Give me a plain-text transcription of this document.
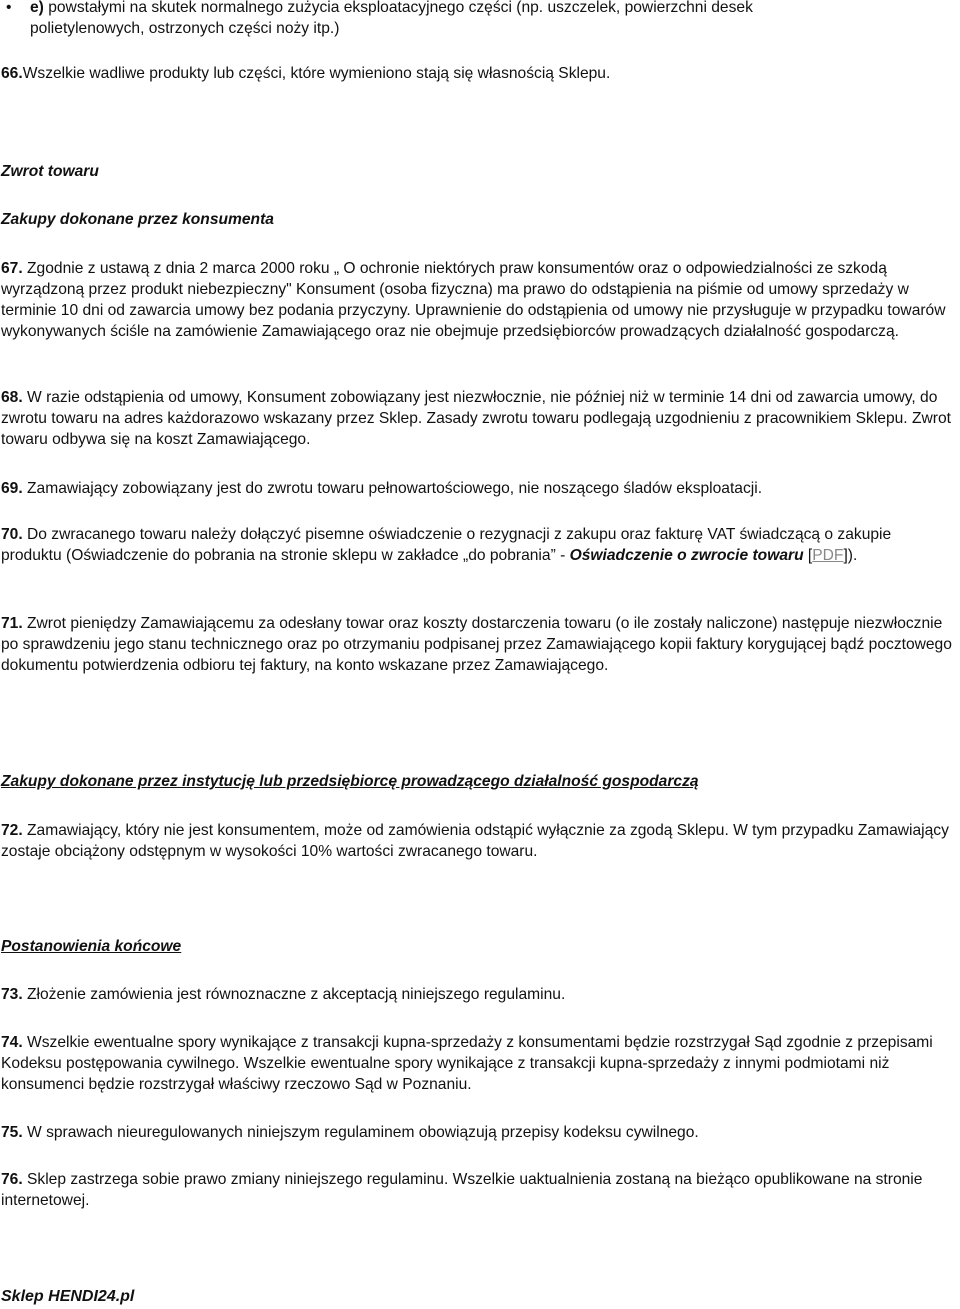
• e) powstałymi na skutek normalnego zużycia eksploatacyjnego części (np. uszczelek, powierzchni desek
polietylenowych, ostrzonych części noży itp.)

66.Wszelkie wadliwe produkty lub części, które wymieniono stają się własnością Sklepu.

Zwrot towaru

Zakupy dokonane przez konsumenta

67. Zgodnie z ustawą z dnia 2 marca 2000 roku „ O ochronie niektórych praw konsumentów oraz o odpowiedzialności ze szkodą wyrządzoną przez produkt niebezpieczny" Konsument (osoba fizyczna) ma prawo do odstąpienia na piśmie od umowy sprzedaży w terminie 10 dni od zawarcia umowy bez podania przyczyny. Uprawnienie do odstąpienia od umowy nie przysługuje w przypadku towarów wykonywanych ściśle na zamówienie Zamawiającego oraz nie obejmuje przedsiębiorców prowadzących działalność gospodarczą.

68. W razie odstąpienia od umowy, Konsument zobowiązany jest niezwłocznie, nie później niż w terminie 14 dni od zawarcia umowy, do zwrotu towaru na adres każdorazowo wskazany przez Sklep. Zasady zwrotu towaru podlegają uzgodnieniu z pracownikiem Sklepu. Zwrot towaru odbywa się na koszt Zamawiającego.

69. Zamawiający zobowiązany jest do zwrotu towaru pełnowartościowego, nie noszącego śladów eksploatacji.

70. Do zwracanego towaru należy dołączyć pisemne oświadczenie o rezygnacji z zakupu oraz fakturę VAT świadczącą o zakupie produktu (Oświadczenie do pobrania na stronie sklepu w zakładce „do pobrania” - Oświadczenie o zwrocie towaru [PDF]).

71. Zwrot pieniędzy Zamawiającemu za odesłany towar oraz koszty dostarczenia towaru (o ile zostały naliczone) następuje niezwłocznie po sprawdzeniu jego stanu technicznego oraz po otrzymaniu podpisanej przez Zamawiającego kopii faktury korygującej bądź pocztowego dokumentu potwierdzenia odbioru tej faktury, na konto wskazane przez Zamawiającego.

Zakupy dokonane przez instytucję lub przedsiębiorcę prowadzącego działalność gospodarczą

72. Zamawiający, który nie jest konsumentem, może od zamówienia odstąpić wyłącznie za zgodą Sklepu. W tym przypadku Zamawiający zostaje obciążony odstępnym w wysokości 10% wartości zwracanego towaru.

Postanowienia końcowe

73. Złożenie zamówienia jest równoznaczne z akceptacją niniejszego regulaminu.

74. Wszelkie ewentualne spory wynikające z transakcji kupna-sprzedaży z konsumentami będzie rozstrzygał Sąd zgodnie z przepisami Kodeksu postępowania cywilnego. Wszelkie ewentualne spory wynikające z transakcji kupna-sprzedaży z innymi podmiotami niż konsumenci będzie rozstrzygał właściwy rzeczowo Sąd w Poznaniu.

75. W sprawach nieuregulowanych niniejszym regulaminem obowiązują przepisy kodeksu cywilnego.

76. Sklep zastrzega sobie prawo zmiany niniejszego regulaminu. Wszelkie uaktualnienia zostaną na bieżąco opublikowane na stronie internetowej.

Sklep HENDI24.pl
